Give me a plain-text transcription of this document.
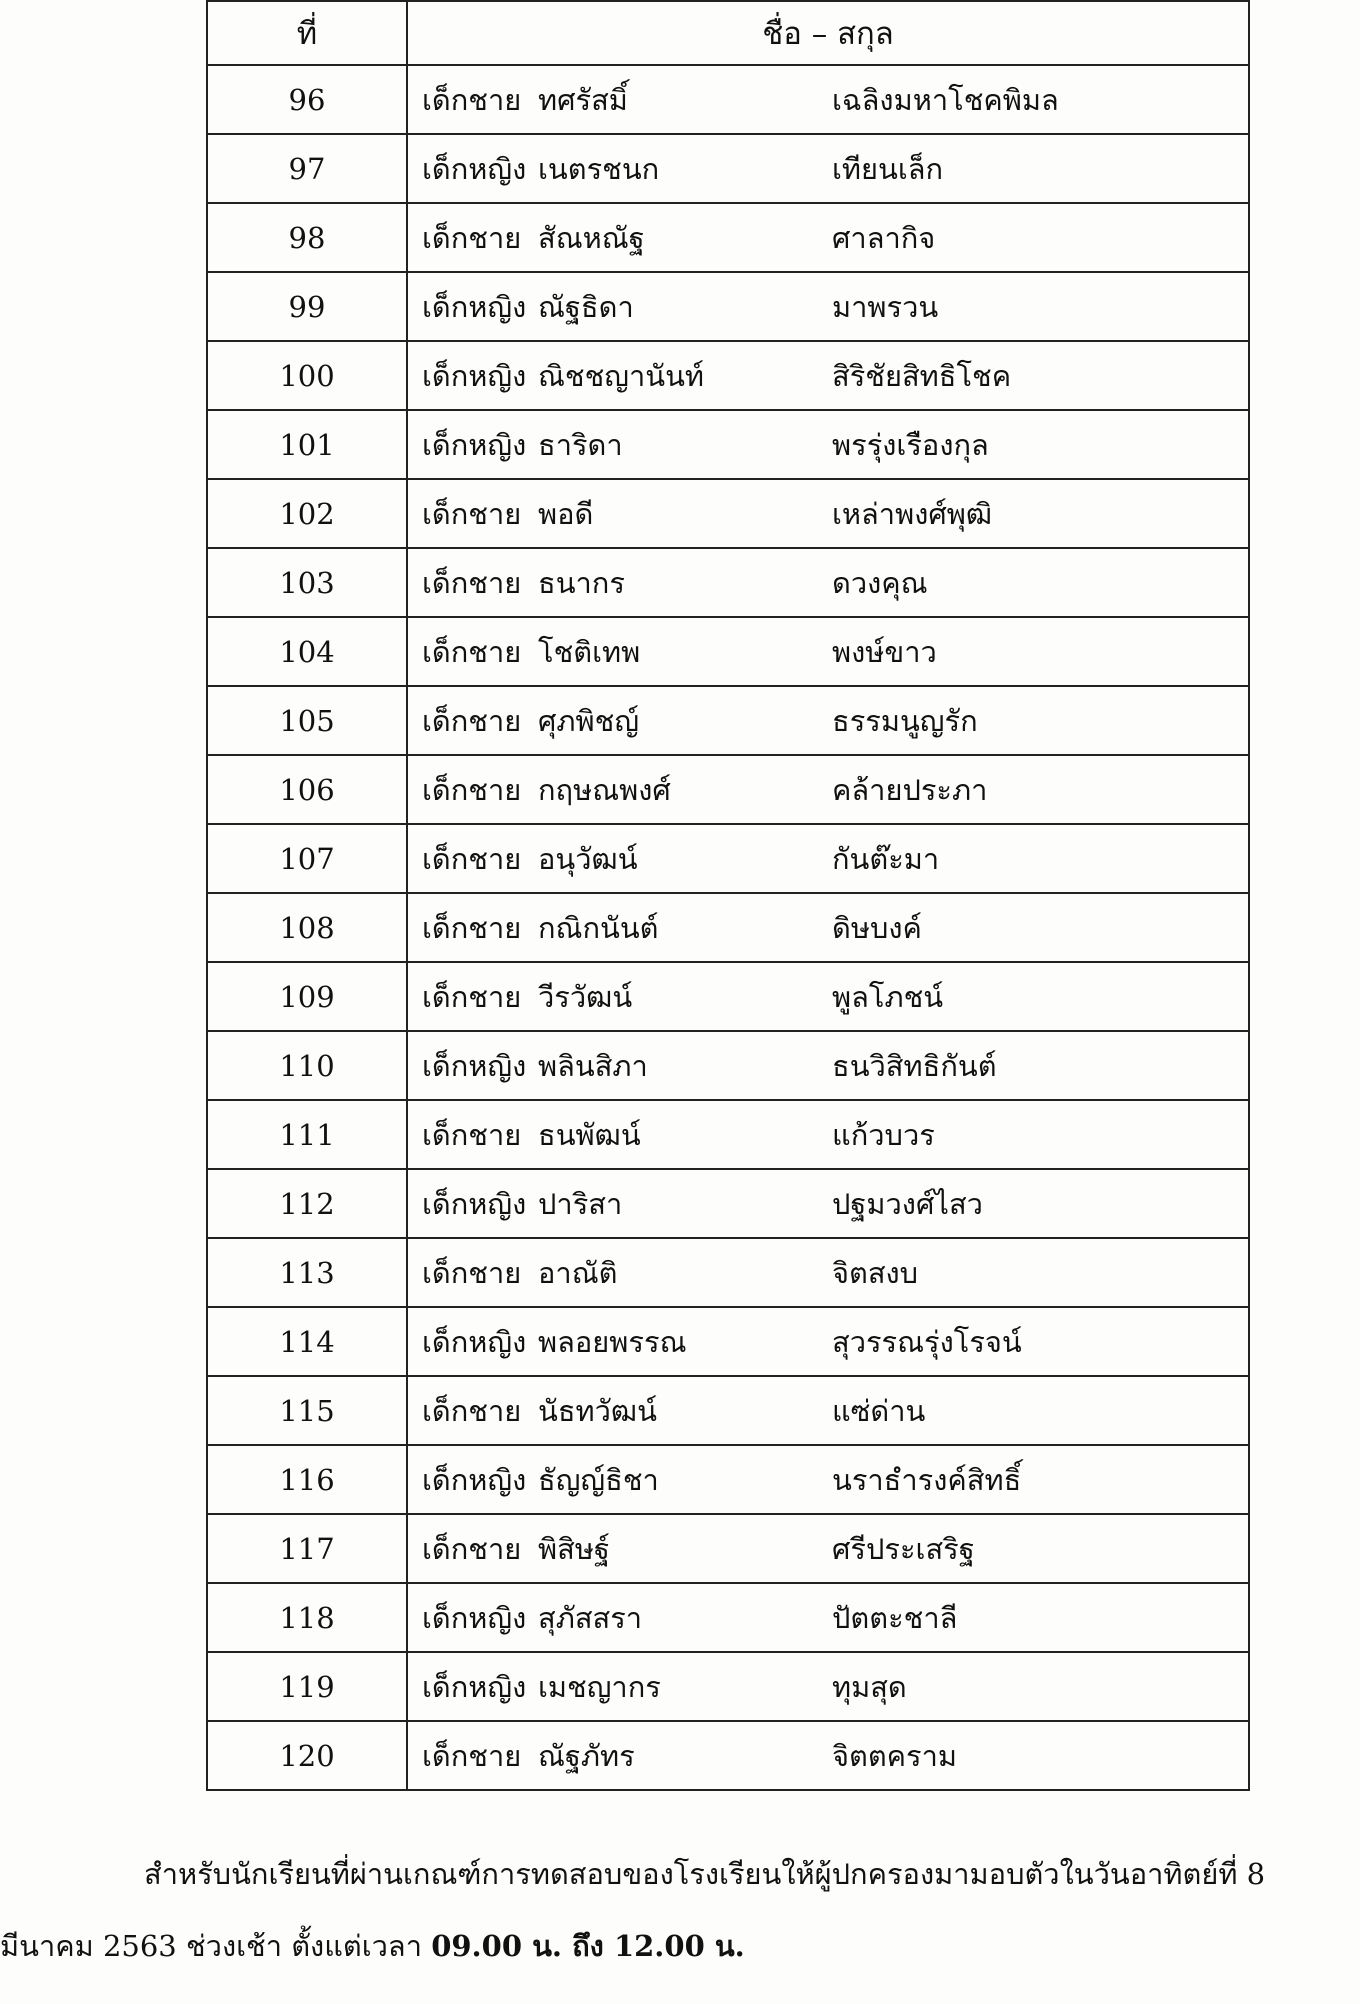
ที่	ชื่อ – สกุล
96	เด็กชาย ทศรัสมิ์ เฉลิงมหาโชคพิมล

97	เด็กหญิง เนตรชนก เทียนเล็ก

98	เด็กชาย สัณหณัฐ ศาลากิจ

99	เด็กหญิง ณัฐธิดา มาพรวน

100	เด็กหญิง ณิชชญานันท์ สิริชัยสิทธิโชค

101	เด็กหญิง ธาริดา พรรุ่งเรืองกุล

102	เด็กชาย พอดี เหล่าพงศ์พุฒิ

103	เด็กชาย ธนากร ดวงคุณ

104	เด็กชาย โชติเทพ พงษ์ขาว

105	เด็กชาย ศุภพิชญ์ ธรรมนูญรัก

106	เด็กชาย กฤษณพงศ์ คล้ายประภา

107	เด็กชาย อนุวัฒน์ กันต๊ะมา

108	เด็กชาย กณิกนันต์ ดิษบงค์

109	เด็กชาย วีรวัฒน์ พูลโภชน์

110	เด็กหญิง พลินสิภา ธนวิสิทธิกันต์

111	เด็กชาย ธนพัฒน์ แก้วบวร

112	เด็กหญิง ปาริสา ปฐมวงศ์ไสว

113	เด็กชาย อาณัติ จิตสงบ

114	เด็กหญิง พลอยพรรณ สุวรรณรุ่งโรจน์

115	เด็กชาย นัธทวัฒน์ แซ่ด่าน

116	เด็กหญิง ธัญญ์ธิชา นราธำรงค์สิทธิ์

117	เด็กชาย พิสิษฐ์ ศรีประเสริฐ

118	เด็กหญิง สุภัสสรา ปัตตะชาลี

119	เด็กหญิง เมชญากร ทุมสุด

120	เด็กชาย ณัฐภัทร จิตตคราม
สำหรับนักเรียนที่ผ่านเกณฑ์การทดสอบของโรงเรียนให้ผู้ปกครองมามอบตัวในวันอาทิตย์ที่ 8
มีนาคม 2563 ช่วงเช้า ตั้งแต่เวลา 09.00 น. ถึง 12.00 น.
